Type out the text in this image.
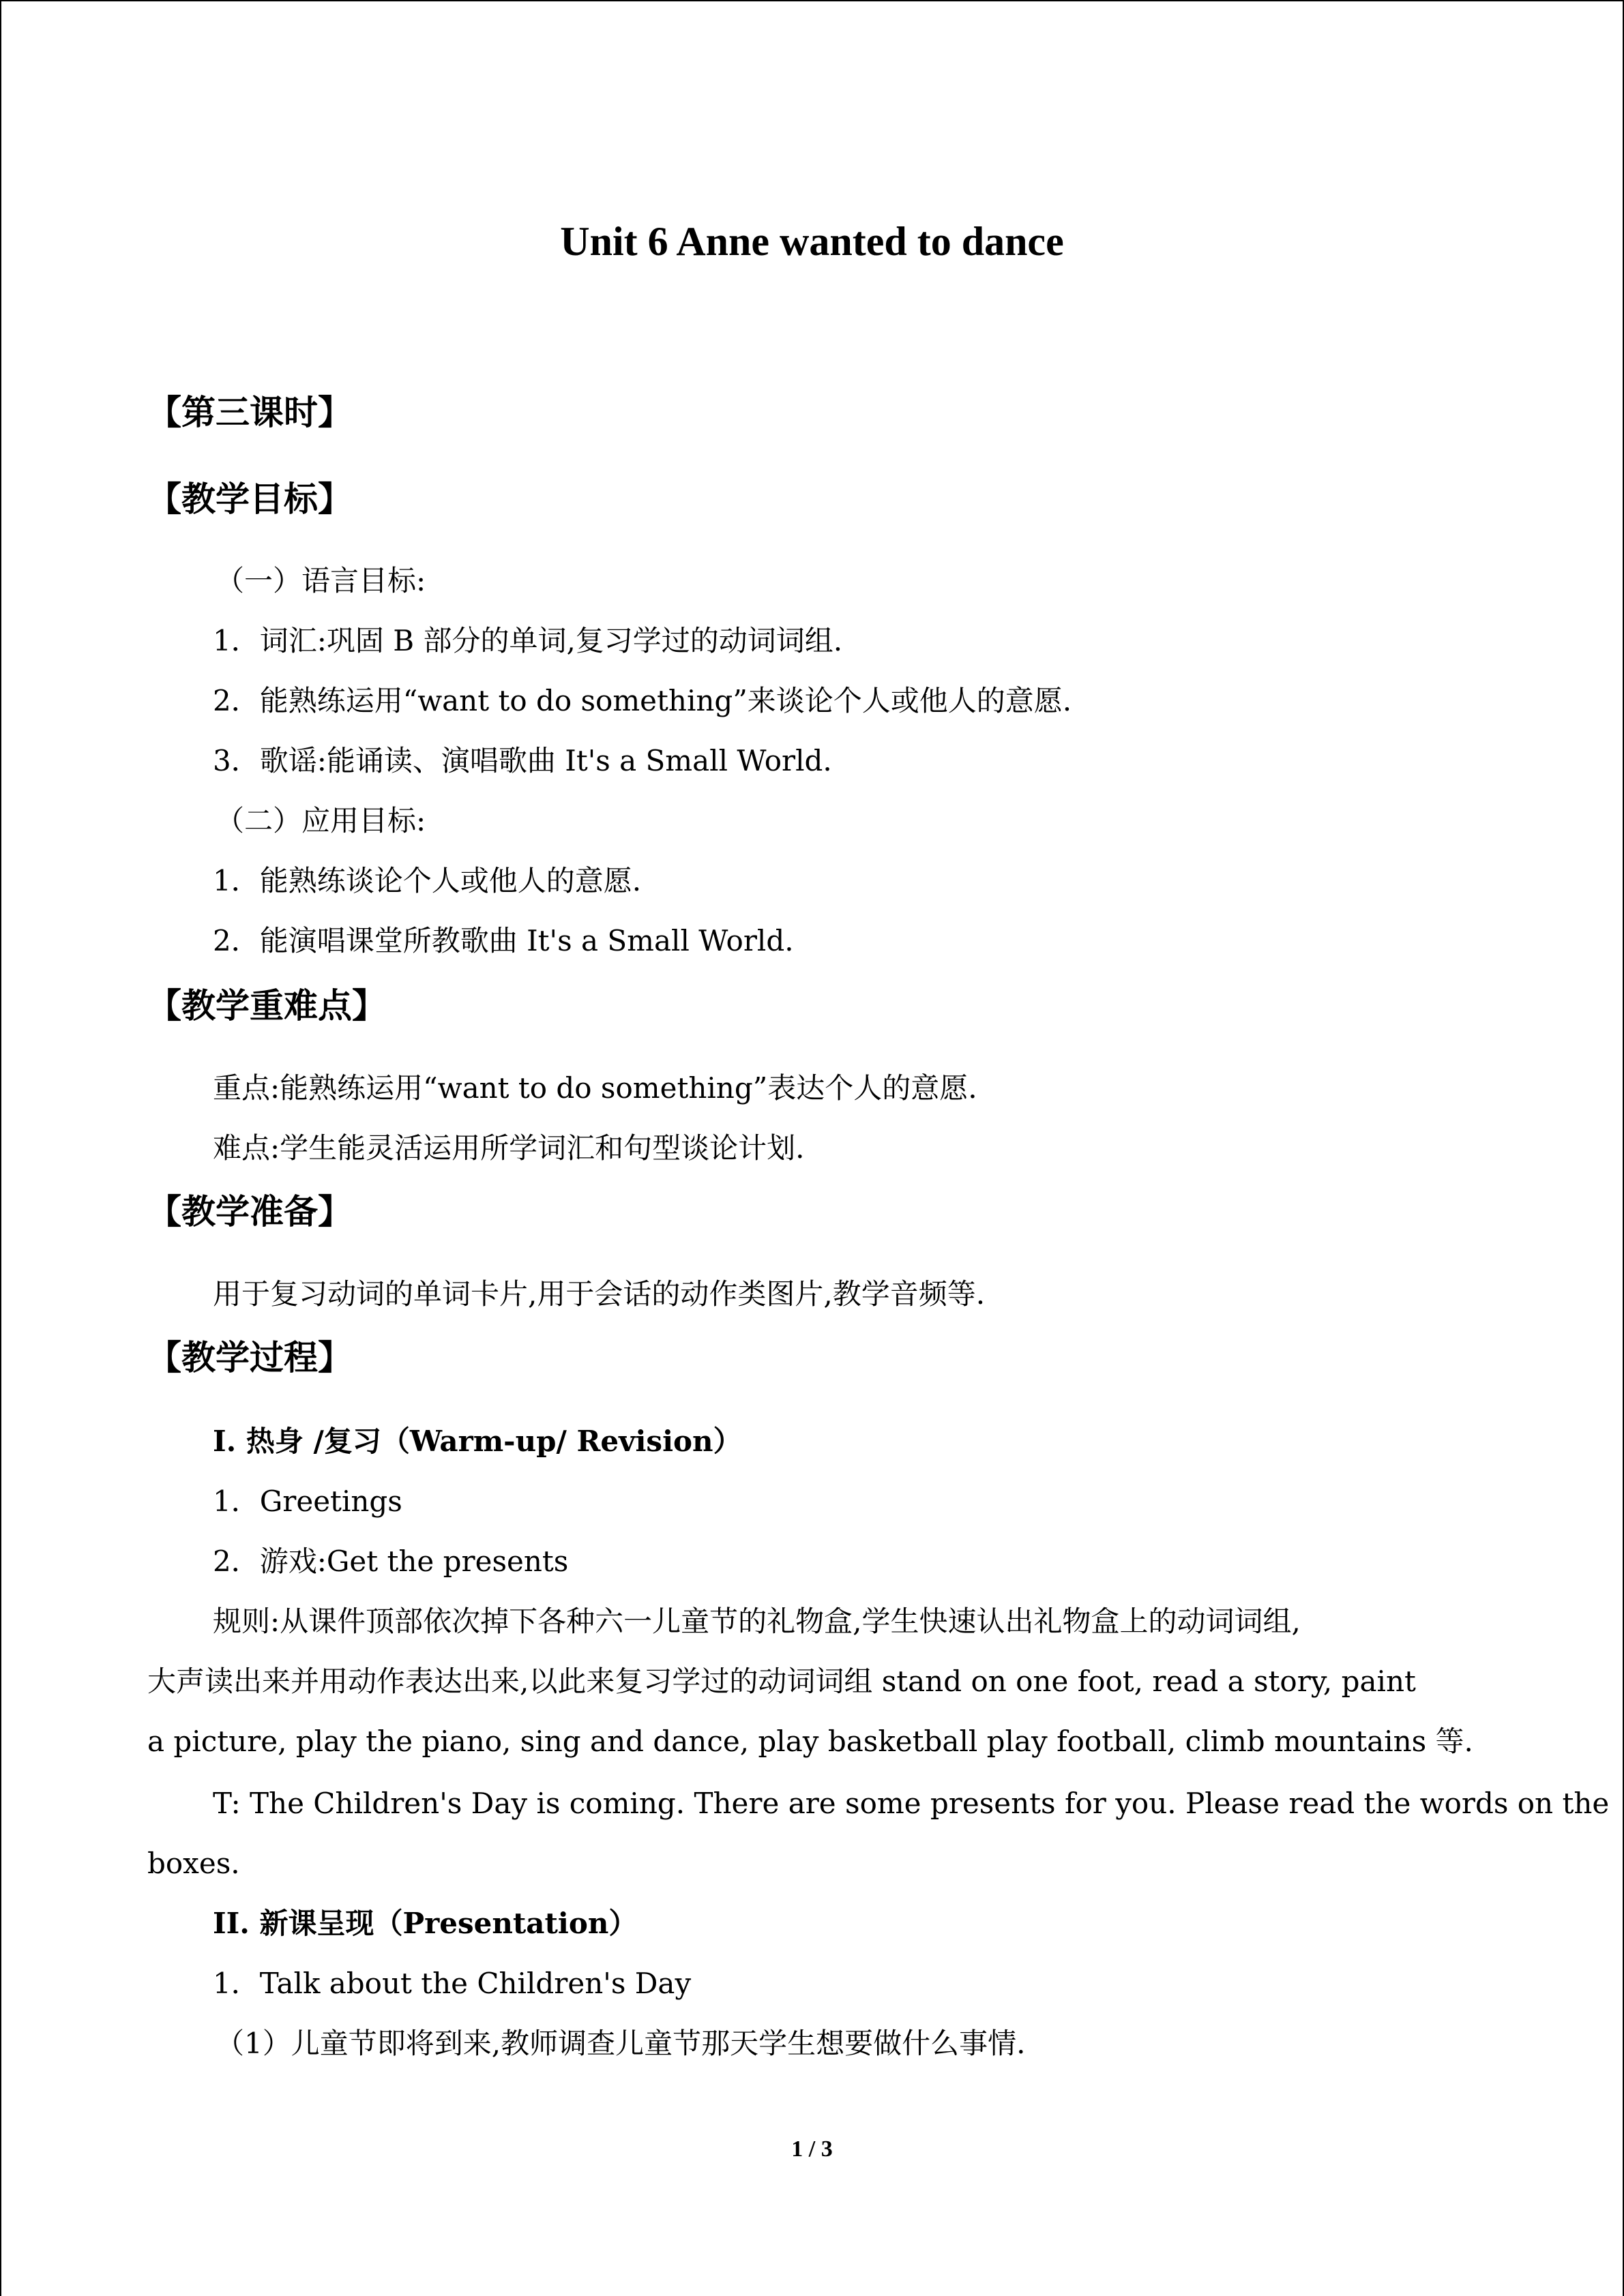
Unit 6 Anne wanted to dance
【第三课时】
【教学目标】
（一）语言目标:
1．词汇:巩固 B 部分的单词,复习学过的动词词组.
2．能熟练运用“want to do something”来谈论个人或他人的意愿.
3．歌谣:能诵读、演唱歌曲 It's a Small World.
（二）应用目标:
1．能熟练谈论个人或他人的意愿.
2．能演唱课堂所教歌曲 It's a Small World.
【教学重难点】
重点:能熟练运用“want to do something”表达个人的意愿.
难点:学生能灵活运用所学词汇和句型谈论计划.
【教学准备】
用于复习动词的单词卡片,用于会话的动作类图片,教学音频等.
【教学过程】
I. 热身 /复习（Warm-up/ Revision）
1．Greetings
2．游戏:Get the presents
规则:从课件顶部依次掉下各种六一儿童节的礼物盒,学生快速认出礼物盒上的动词词组,
大声读出来并用动作表达出来,以此来复习学过的动词词组 stand on one foot, read a story, paint
a picture, play the piano, sing and dance, play basketball play football, climb mountains 等.
T: The Children's Day is coming. There are some presents for you. Please read the words on the
boxes.
II. 新课呈现（Presentation）
1．Talk about the Children's Day
（1）儿童节即将到来,教师调查儿童节那天学生想要做什么事情.
1 / 3
